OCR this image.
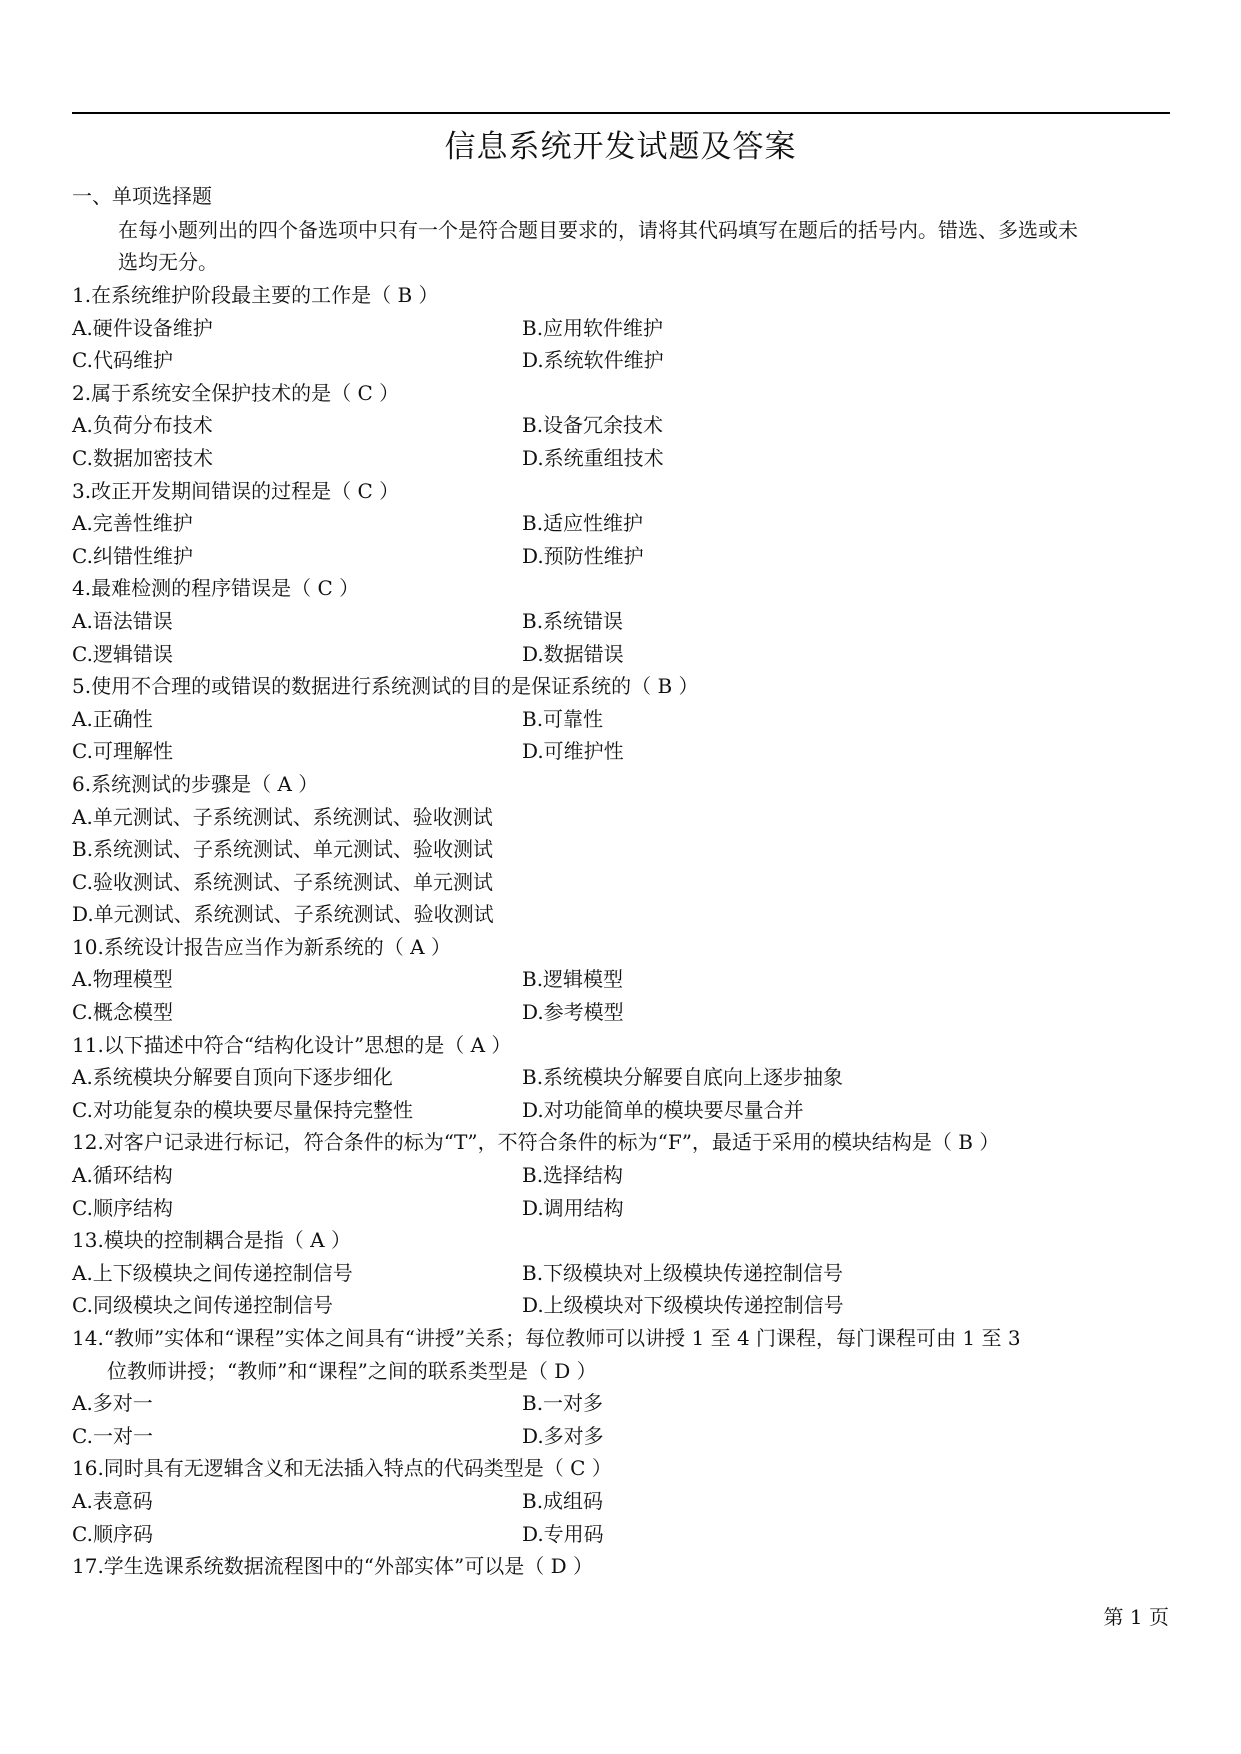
信息系统开发试题及答案
一、单项选择题

在每小题列出的四个备选项中只有一个是符合题目要求的，请将其代码填写在题后的括号内。错选、多选或未

选均无分。

1.在系统维护阶段最主要的工作是（ B ）
A.硬件设备维护	B.应用软件维护
C.代码维护	D.系统软件维护
2.属于系统安全保护技术的是（ C ）
A.负荷分布技术	B.设备冗余技术
C.数据加密技术	D.系统重组技术
3.改正开发期间错误的过程是（ C ）
A.完善性维护	B.适应性维护
C.纠错性维护	D.预防性维护
4.最难检测的程序错误是（ C ）
A.语法错误	B.系统错误
C.逻辑错误	D.数据错误
5.使用不合理的或错误的数据进行系统测试的目的是保证系统的（ B ）
A.正确性	B.可靠性
C.可理解性	D.可维护性
6.系统测试的步骤是（ A ）
A.单元测试、子系统测试、系统测试、验收测试
B.系统测试、子系统测试、单元测试、验收测试
C.验收测试、系统测试、子系统测试、单元测试
D.单元测试、系统测试、子系统测试、验收测试
10.系统设计报告应当作为新系统的（ A ）
A.物理模型	B.逻辑模型
C.概念模型	D.参考模型
11.以下描述中符合“结构化设计”思想的是（ A ）
A.系统模块分解要自顶向下逐步细化	B.系统模块分解要自底向上逐步抽象
C.对功能复杂的模块要尽量保持完整性	D.对功能简单的模块要尽量合并
12.对客户记录进行标记，符合条件的标为“T”，不符合条件的标为“F”，最适于采用的模块结构是（ B ）
A.循环结构	B.选择结构
C.顺序结构	D.调用结构
13.模块的控制耦合是指（ A ）
A.上下级模块之间传递控制信号	B.下级模块对上级模块传递控制信号
C.同级模块之间传递控制信号	D.上级模块对下级模块传递控制信号
14.“教师”实体和“课程”实体之间具有“讲授”关系；每位教师可以讲授 1 至 4 门课程，每门课程可由 1 至 3
位教师讲授；“教师”和“课程”之间的联系类型是（ D ）
A.多对一	B.一对多
C.一对一	D.多对多
16.同时具有无逻辑含义和无法插入特点的代码类型是（ C ）
A.表意码	B.成组码
C.顺序码	D.专用码
17.学生选课系统数据流程图中的“外部实体”可以是（ D ）
第 1 页
